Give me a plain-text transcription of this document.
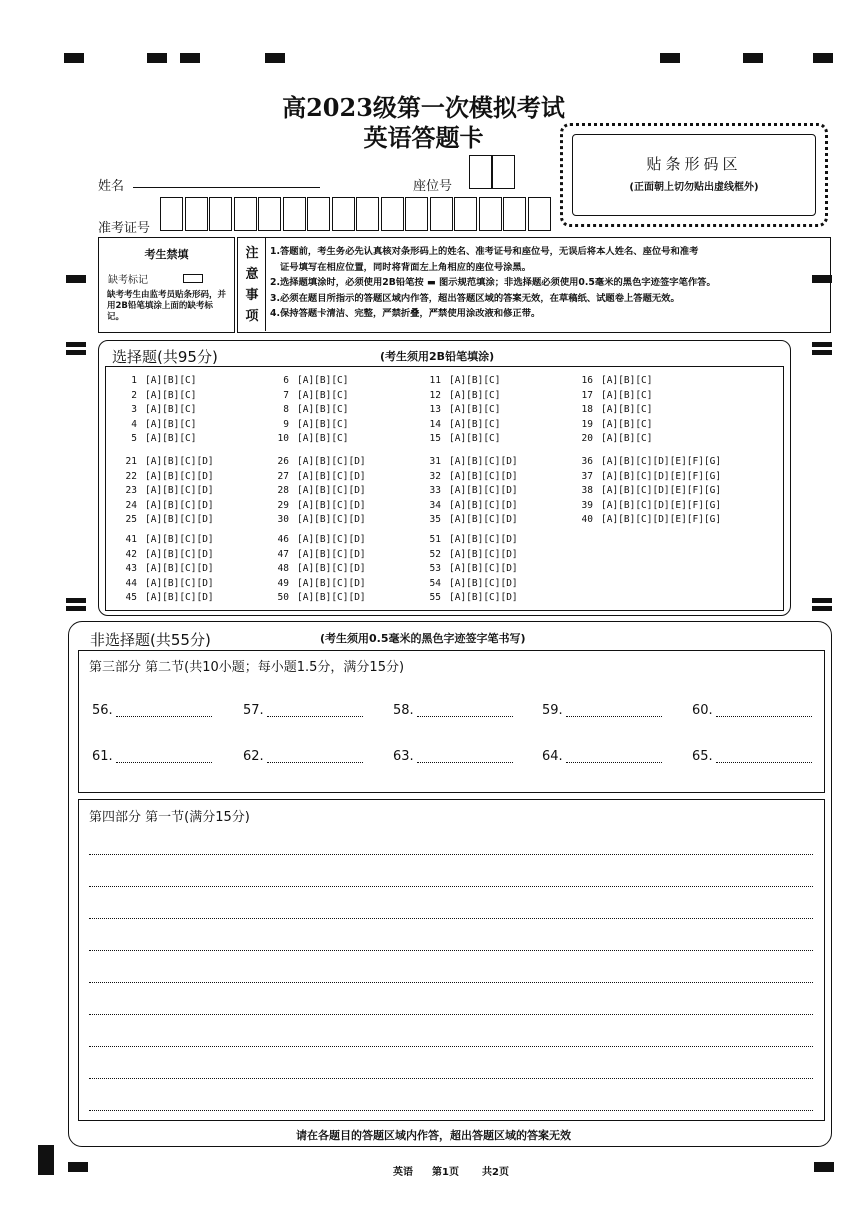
高2023级第一次模拟考试
英语答题卡
贴条形码区
(正面朝上切勿贴出虚线框外)
姓名	座位号
准考证号
考生禁填
缺考标记
缺考考生由监考员贴条形码，并用2B铅笔填涂上面的缺考标记。
注
意
事
项
1.答题前，考生务必先认真核对条形码上的姓名、准考证号和座位号，无误后将本人姓名、座位号和准考
证号填写在相应位置，同时将背面左上角相应的座位号涂黑。
2.选择题填涂时，必须使用2B铅笔按 ▬ 图示规范填涂；非选择题必须使用0.5毫米的黑色字迹签字笔作答。
3.必须在题目所指示的答题区域内作答，超出答题区域的答案无效，在草稿纸、试题卷上答题无效。
4.保持答题卡清洁、完整，严禁折叠，严禁使用涂改液和修正带。
选择题(共95分)	(考生须用2B铅笔填涂)
1 [A][B][C]
2 [A][B][C]
3 [A][B][C]
4 [A][B][C]
5 [A][B][C]
6 [A][B][C]
7 [A][B][C]
8 [A][B][C]
9 [A][B][C]
10 [A][B][C]
11 [A][B][C]
12 [A][B][C]
13 [A][B][C]
14 [A][B][C]
15 [A][B][C]
16 [A][B][C]
17 [A][B][C]
18 [A][B][C]
19 [A][B][C]
20 [A][B][C]
21 [A][B][C][D]
22 [A][B][C][D]
23 [A][B][C][D]
24 [A][B][C][D]
25 [A][B][C][D]
26 [A][B][C][D]
27 [A][B][C][D]
28 [A][B][C][D]
29 [A][B][C][D]
30 [A][B][C][D]
31 [A][B][C][D]
32 [A][B][C][D]
33 [A][B][C][D]
34 [A][B][C][D]
35 [A][B][C][D]
36 [A][B][C][D][E][F][G]
37 [A][B][C][D][E][F][G]
38 [A][B][C][D][E][F][G]
39 [A][B][C][D][E][F][G]
40 [A][B][C][D][E][F][G]
41 [A][B][C][D]
42 [A][B][C][D]
43 [A][B][C][D]
44 [A][B][C][D]
45 [A][B][C][D]
46 [A][B][C][D]
47 [A][B][C][D]
48 [A][B][C][D]
49 [A][B][C][D]
50 [A][B][C][D]
51 [A][B][C][D]
52 [A][B][C][D]
53 [A][B][C][D]
54 [A][B][C][D]
55 [A][B][C][D]
非选择题(共55分)	(考生须用0.5毫米的黑色字迹签字笔书写)
第三部分 第二节(共10小题；每小题1.5分，满分15分)
56.	57.	58.	59.	60.
61.	62.	63.	64.	65.
第四部分 第一节(满分15分)
请在各题目的答题区域内作答，超出答题区域的答案无效
英语 第1页 共2页
